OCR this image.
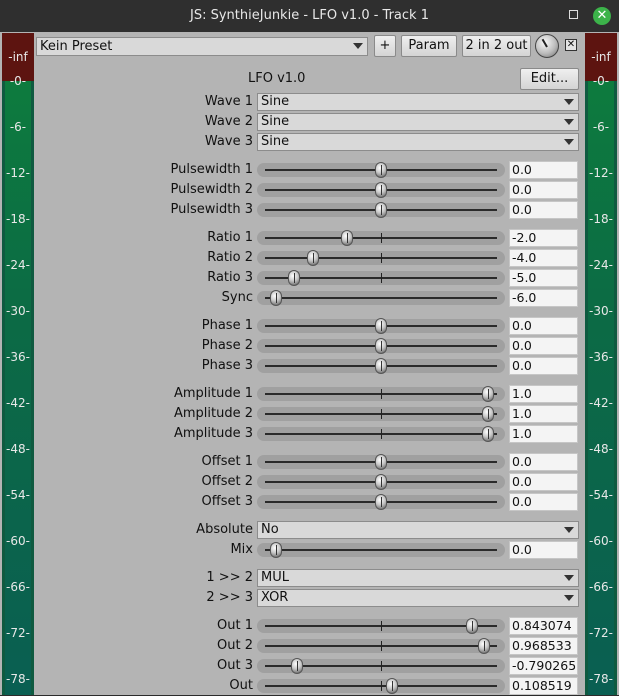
JS: SynthieJunkie - LFO v1.0 - Track 1	✕
-inf
-0-
-6-
-12-
-18-
-24-
-30-
-36-
-42-
-48-
-54-
-60-
-66-
-72-
-78-
-inf
-0-
-6-
-12-
-18-
-24-
-30-
-36-
-42-
-48-
-54-
-60-
-66-
-72-
-78-
Kein Preset	+	Param	2 in 2 out	✕
LFO v1.0	Edit...
Wave 1 Sine
Wave 2 Sine
Wave 3 Sine
Pulsewidth 1	0.0
Pulsewidth 2	0.0
Pulsewidth 3	0.0
Ratio 1	-2.0
Ratio 2	-4.0
Ratio 3	-5.0
Sync	-6.0
Phase 1	0.0
Phase 2	0.0
Phase 3	0.0
Amplitude 1	1.0
Amplitude 2	1.0
Amplitude 3	1.0
Offset 1	0.0
Offset 2	0.0
Offset 3	0.0
Absolute No
Mix	0.0
1 >> 2 MUL
2 >> 3 XOR
Out 1	0.843074
Out 2	0.968533
Out 3	-0.790265
Out	0.108519
